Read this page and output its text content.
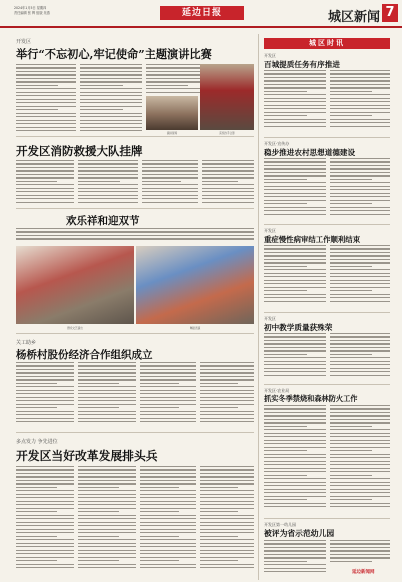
2024年1月5日 星期四
责任编辑 张 辉 组版 吴燕	延边日报	城区新闻 7
开发区
举行“不忘初心,牢记使命”主题演讲比赛
演讲现场	获奖选手合影
开发区消防救援大队挂牌
欢乐祥和迎双节
群众文艺演出	舞蹈表演
关工助乡
杨桥村股份经济合作组织成立
多点发力 争先进位
开发区当好改革发展排头兵
城区时讯
开发区
百城提质任务有序推进
开发区·宣传办
稳步推进农村思想道德建设
开发区
重症慢性病审结工作顺利结束
开发区
初中教学质量获殊荣
开发区·农业局
抓实冬季禁烧和森林防火工作
开发区第一幼儿园
被评为省示范幼儿园
延边新闻网
